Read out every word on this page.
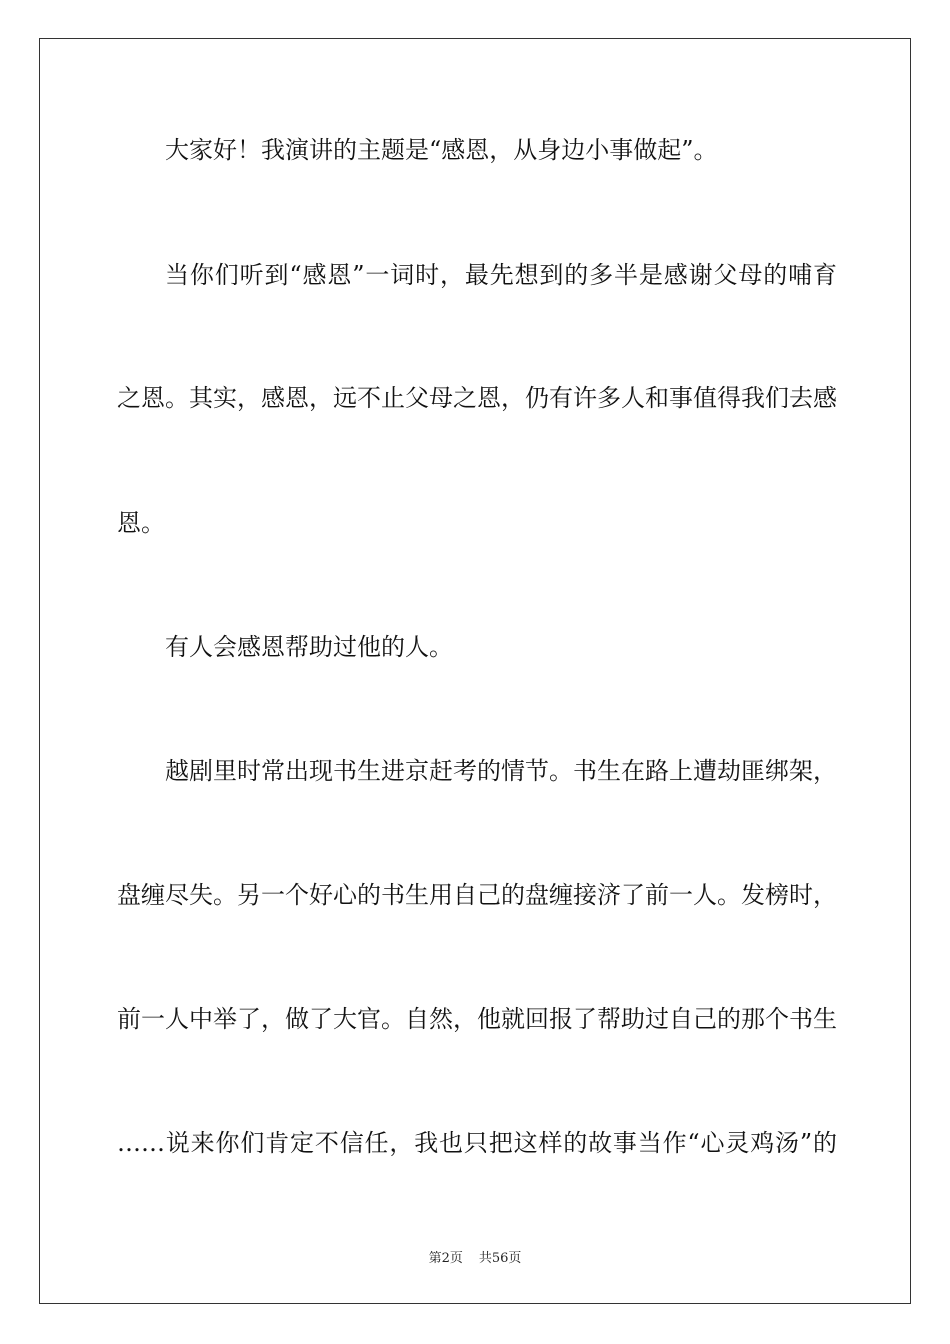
大家好！我演讲的主题是“感恩，从身边小事做起”。

当你们听到“感恩”一词时，最先想到的多半是感谢父母的哺育

之恩。其实，感恩，远不止父母之恩，仍有许多人和事值得我们去感

恩。

有人会感恩帮助过他的人。

越剧里时常出现书生进京赶考的情节。书生在路上遭劫匪绑架，

盘缠尽失。另一个好心的书生用自己的盘缠接济了前一人。发榜时，

前一人中举了，做了大官。自然，他就回报了帮助过自己的那个书生

……说来你们肯定不信任，我也只把这样的故事当作“心灵鸡汤”的

第2页 共56页
